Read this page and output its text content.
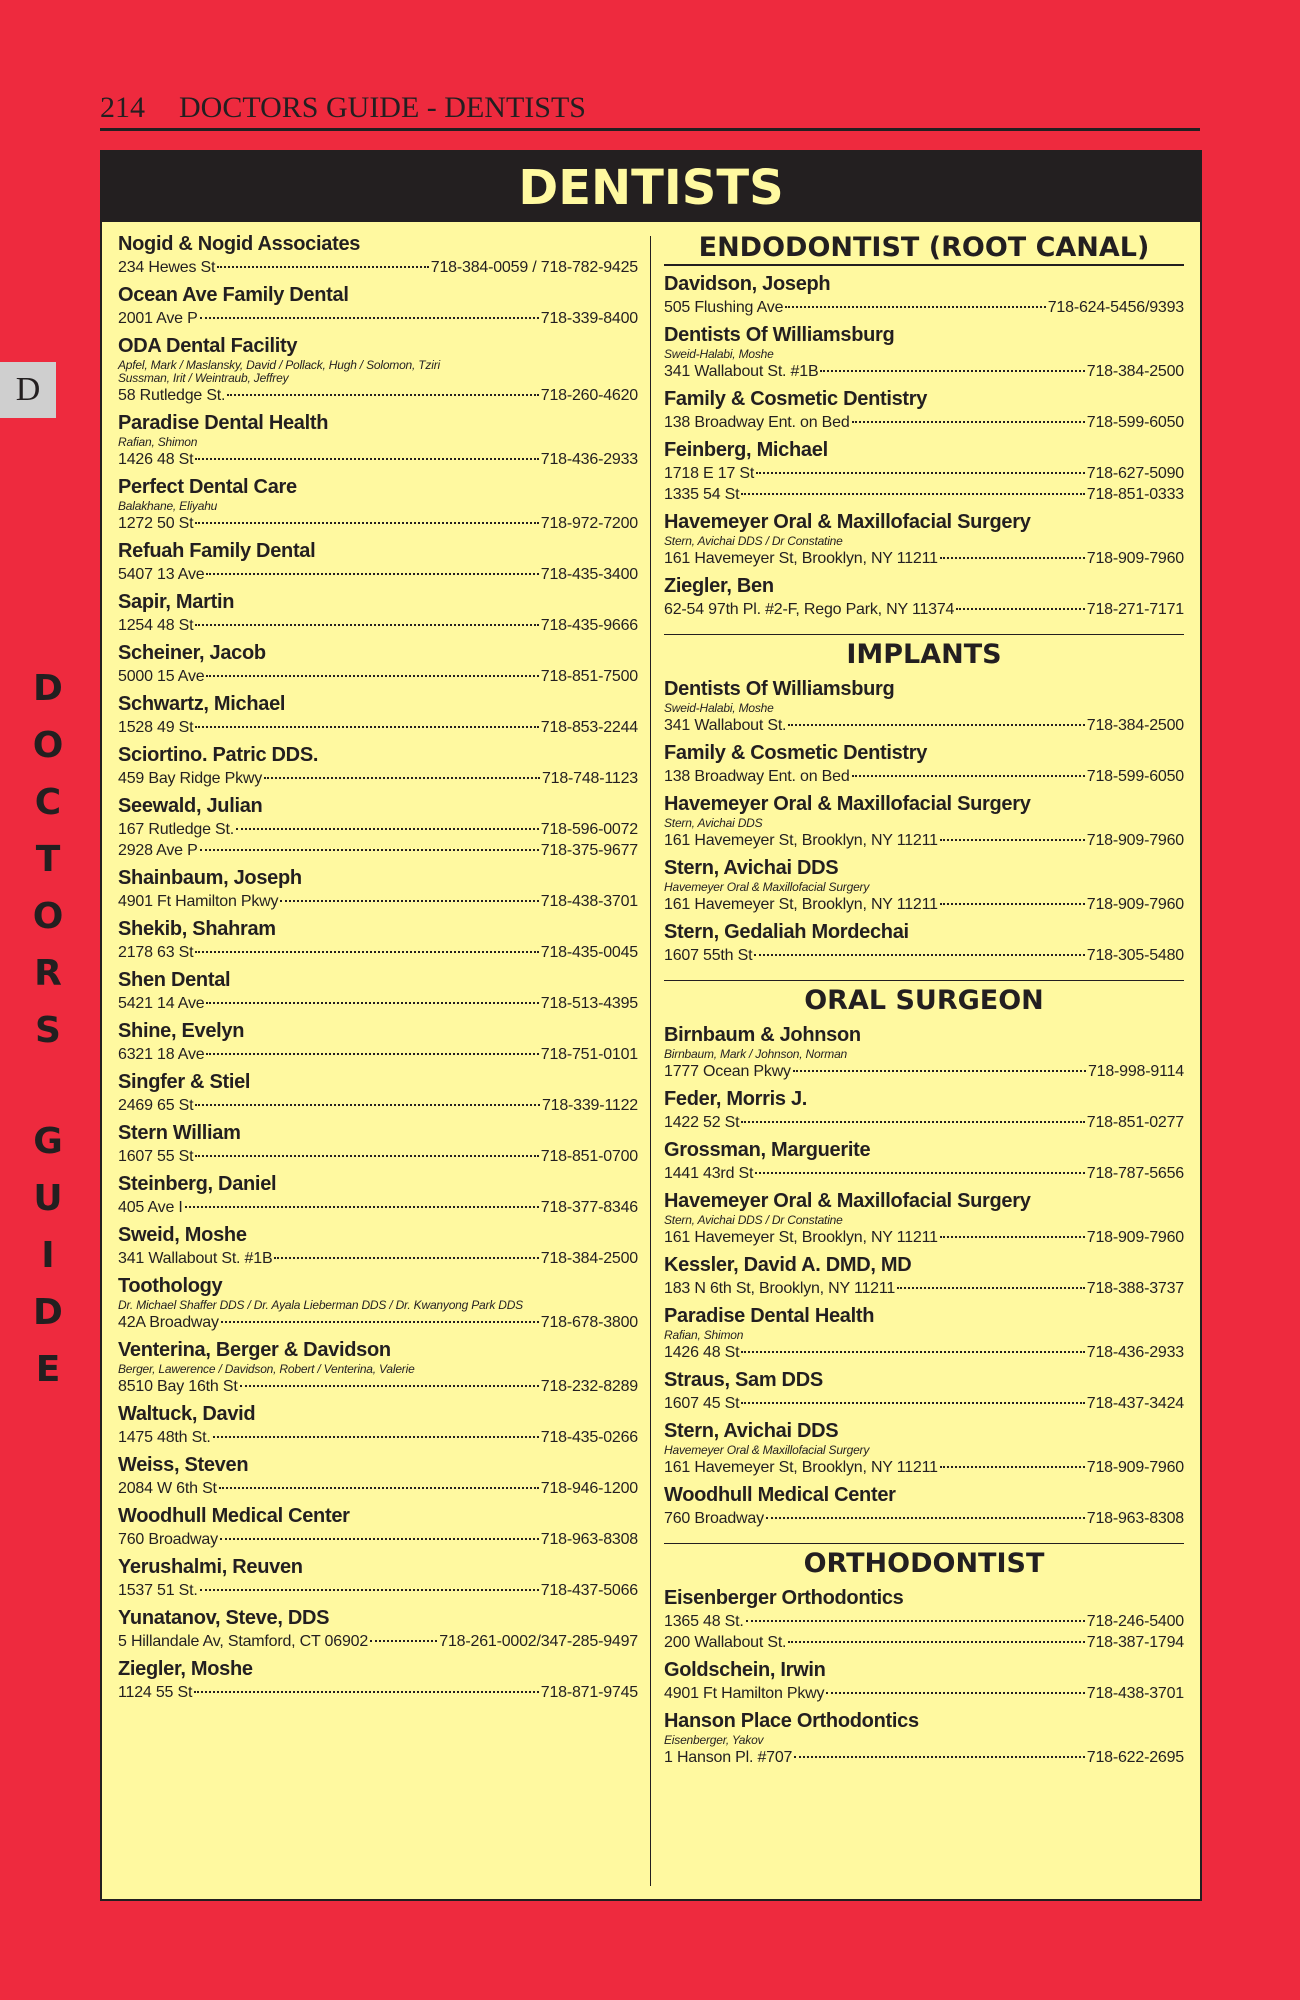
214 DOCTORS GUIDE - DENTISTS
D
D
O
C
T
O
R
S
G
U
I
D
E
DENTISTS
Nogid & Nogid Associates
234 Hewes St	718-384-0059 / 718-782-9425
Ocean Ave Family Dental
2001 Ave P	718-339-8400
ODA Dental Facility
Apfel, Mark / Maslansky, David / Pollack, Hugh / Solomon, Tziri
Sussman, Irit / Weintraub, Jeffrey
58 Rutledge St.	718-260-4620
Paradise Dental Health
Rafian, Shimon
1426 48 St	718-436-2933
Perfect Dental Care
Balakhane, Eliyahu
1272 50 St	718-972-7200
Refuah Family Dental
5407 13 Ave	718-435-3400
Sapir, Martin
1254 48 St	718-435-9666
Scheiner, Jacob
5000 15 Ave	718-851-7500
Schwartz, Michael
1528 49 St	718-853-2244
Sciortino. Patric DDS.
459 Bay Ridge Pkwy	718-748-1123
Seewald, Julian
167 Rutledge St.	718-596-0072
2928 Ave P	718-375-9677
Shainbaum, Joseph
4901 Ft Hamilton Pkwy	718-438-3701
Shekib, Shahram
2178 63 St	718-435-0045
Shen Dental
5421 14 Ave	718-513-4395
Shine, Evelyn
6321 18 Ave	718-751-0101
Singfer & Stiel
2469 65 St	718-339-1122
Stern William
1607 55 St	718-851-0700
Steinberg, Daniel
405 Ave I	718-377-8346
Sweid, Moshe
341 Wallabout St. #1B	718-384-2500
Toothology
Dr. Michael Shaffer DDS / Dr. Ayala Lieberman DDS / Dr. Kwanyong Park DDS
42A Broadway	718-678-3800
Venterina, Berger & Davidson
Berger, Lawerence / Davidson, Robert / Venterina, Valerie
8510 Bay 16th St	718-232-8289
Waltuck, David
1475 48th St.	718-435-0266
Weiss, Steven
2084 W 6th St	718-946-1200
Woodhull Medical Center
760 Broadway	718-963-8308
Yerushalmi, Reuven
1537 51 St.	718-437-5066
Yunatanov, Steve, DDS
5 Hillandale Av, Stamford, CT 06902	718-261-0002/347-285-9497
Ziegler, Moshe
1124 55 St	718-871-9745
ENDODONTIST (ROOT CANAL)
Davidson, Joseph
505 Flushing Ave	718-624-5456/9393
Dentists Of Williamsburg
Sweid-Halabi, Moshe
341 Wallabout St. #1B	718-384-2500
Family & Cosmetic Dentistry
138 Broadway Ent. on Bed	718-599-6050
Feinberg, Michael
1718 E 17 St	718-627-5090
1335 54 St	718-851-0333
Havemeyer Oral & Maxillofacial Surgery
Stern, Avichai DDS / Dr Constatine
161 Havemeyer St, Brooklyn, NY 11211	718-909-7960
Ziegler, Ben
62-54 97th Pl. #2-F, Rego Park, NY 11374	718-271-7171
IMPLANTS
Dentists Of Williamsburg
Sweid-Halabi, Moshe
341 Wallabout St.	718-384-2500
Family & Cosmetic Dentistry
138 Broadway Ent. on Bed	718-599-6050
Havemeyer Oral & Maxillofacial Surgery
Stern, Avichai DDS
161 Havemeyer St, Brooklyn, NY 11211	718-909-7960
Stern, Avichai DDS
Havemeyer Oral & Maxillofacial Surgery
161 Havemeyer St, Brooklyn, NY 11211	718-909-7960
Stern, Gedaliah Mordechai
1607 55th St	718-305-5480
ORAL SURGEON
Birnbaum & Johnson
Birnbaum, Mark / Johnson, Norman
1777 Ocean Pkwy	718-998-9114
Feder, Morris J.
1422 52 St	718-851-0277
Grossman, Marguerite
1441 43rd St	718-787-5656
Havemeyer Oral & Maxillofacial Surgery
Stern, Avichai DDS / Dr Constatine
161 Havemeyer St, Brooklyn, NY 11211	718-909-7960
Kessler, David A. DMD, MD
183 N 6th St, Brooklyn, NY 11211	718-388-3737
Paradise Dental Health
Rafian, Shimon
1426 48 St	718-436-2933
Straus, Sam DDS
1607 45 St	718-437-3424
Stern, Avichai DDS
Havemeyer Oral & Maxillofacial Surgery
161 Havemeyer St, Brooklyn, NY 11211	718-909-7960
Woodhull Medical Center
760 Broadway	718-963-8308
ORTHODONTIST
Eisenberger Orthodontics
1365 48 St.	718-246-5400
200 Wallabout St.	718-387-1794
Goldschein, Irwin
4901 Ft Hamilton Pkwy	718-438-3701
Hanson Place Orthodontics
Eisenberger, Yakov
1 Hanson Pl. #707	718-622-2695
